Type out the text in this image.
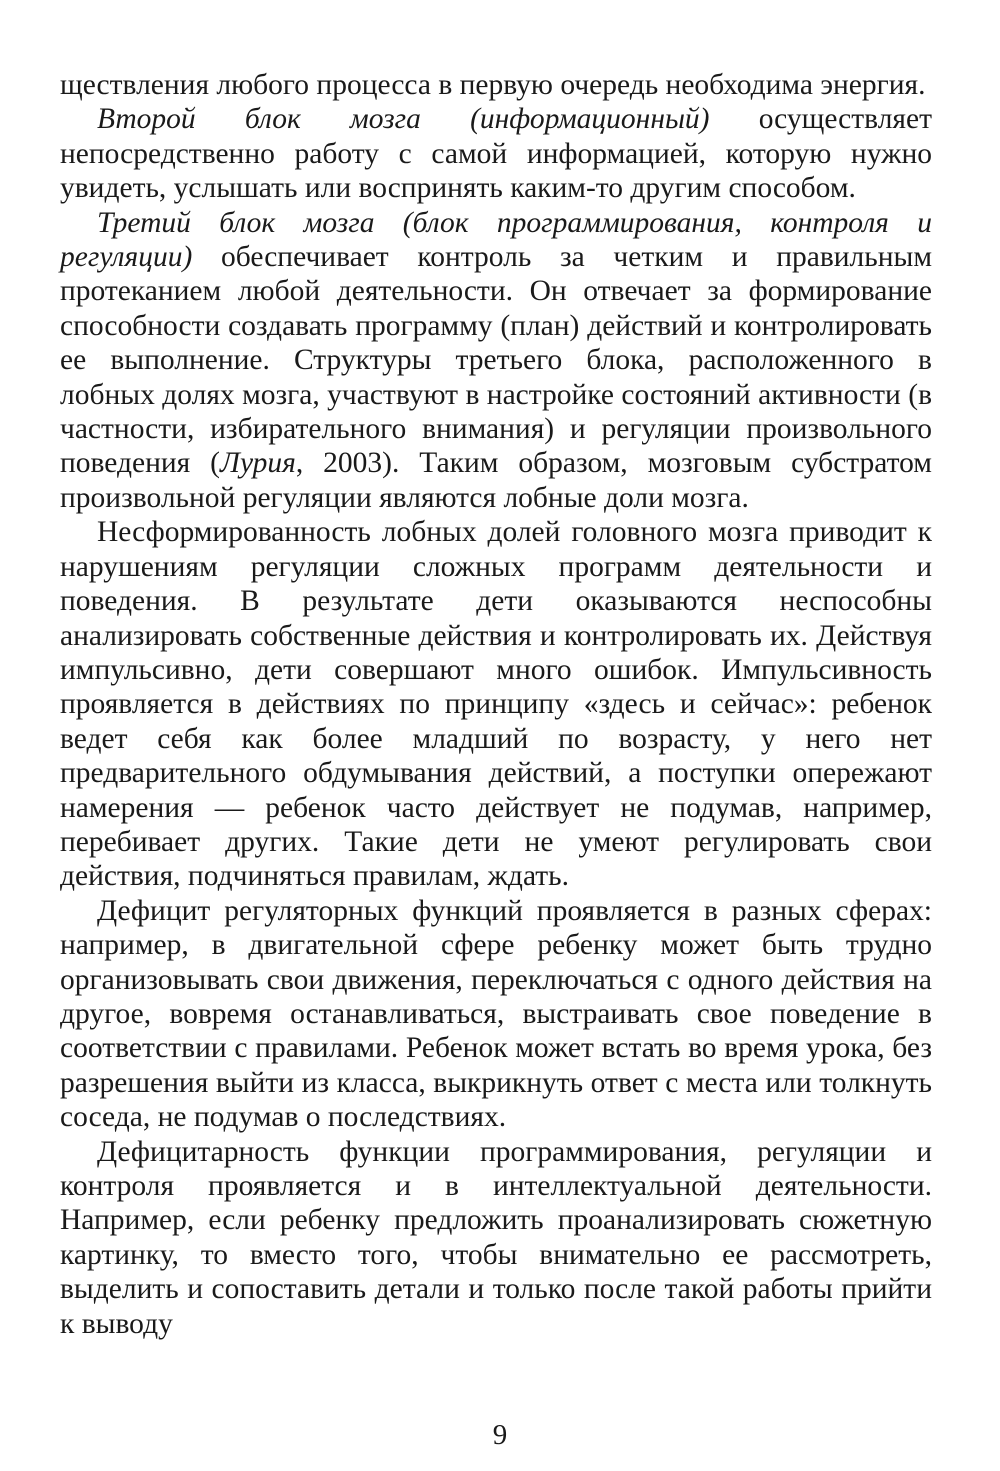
ществления любого процесса в первую очередь необходима энергия.

Второй блок мозга (информационный) осуществляет непосредственно работу с самой информацией, которую нужно увидеть, услышать или воспринять каким-то другим способом.

Третий блок мозга (блок программирования, контроля и регуляции) обеспечивает контроль за четким и правильным протеканием любой деятельности. Он отвечает за формирование способности создавать программу (план) действий и контролировать ее выполнение. Структуры третьего блока, расположенного в лобных долях мозга, участвуют в настройке состояний активности (в частности, избирательного внимания) и регуляции произвольного поведения (Лурия, 2003). Таким образом, мозговым субстратом произвольной регуляции являются лобные доли мозга.

Несформированность лобных долей головного мозга приводит к нарушениям регуляции сложных программ деятельности и поведения. В результате дети оказываются неспособны анализировать собственные действия и контролировать их. Действуя импульсивно, дети совершают много ошибок. Импульсивность проявляется в действиях по принципу «здесь и сейчас»: ребенок ведет себя как более младший по возрасту, у него нет предварительного обдумывания действий, а поступки опережают намерения — ребенок часто действует не подумав, например, перебивает других. Такие дети не умеют регулировать свои действия, подчиняться правилам, ждать.

Дефицит регуляторных функций проявляется в разных сферах: например, в двигательной сфере ребенку может быть трудно организовывать свои движения, переключаться с одного действия на другое, вовремя останавливаться, выстраивать свое поведение в соответствии с правилами. Ребенок может встать во время урока, без разрешения выйти из класса, выкрикнуть ответ с места или толкнуть соседа, не подумав о последствиях.

Дефицитарность функции программирования, регуляции и контроля проявляется и в интеллектуальной деятельности. Например, если ребенку предложить проанализировать сюжетную картинку, то вместо того, чтобы внимательно ее рассмотреть, выделить и сопоставить детали и только после такой работы прийти к выводу

9
